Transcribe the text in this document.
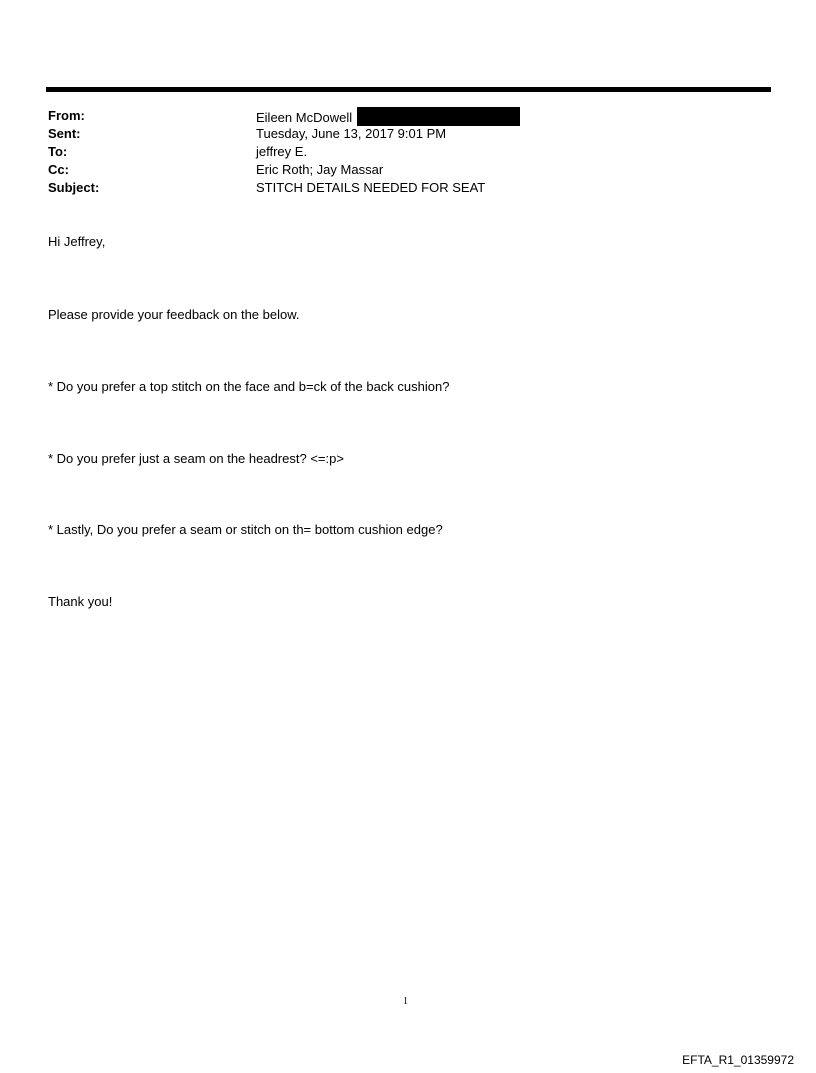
From:	Eileen McDowell
Sent:	Tuesday, June 13, 2017 9:01 PM
To:	jeffrey E.
Cc:	Eric Roth; Jay Massar
Subject:	STITCH DETAILS NEEDED FOR SEAT
Hi Jeffrey,
Please provide your feedback on the below.
* Do you prefer a top stitch on the face and b=ck of the back cushion?
* Do you prefer just a seam on the headrest? <=:p>
* Lastly, Do you prefer a seam or stitch on th= bottom cushion edge?
Thank you!
1
EFTA_R1_01359972
